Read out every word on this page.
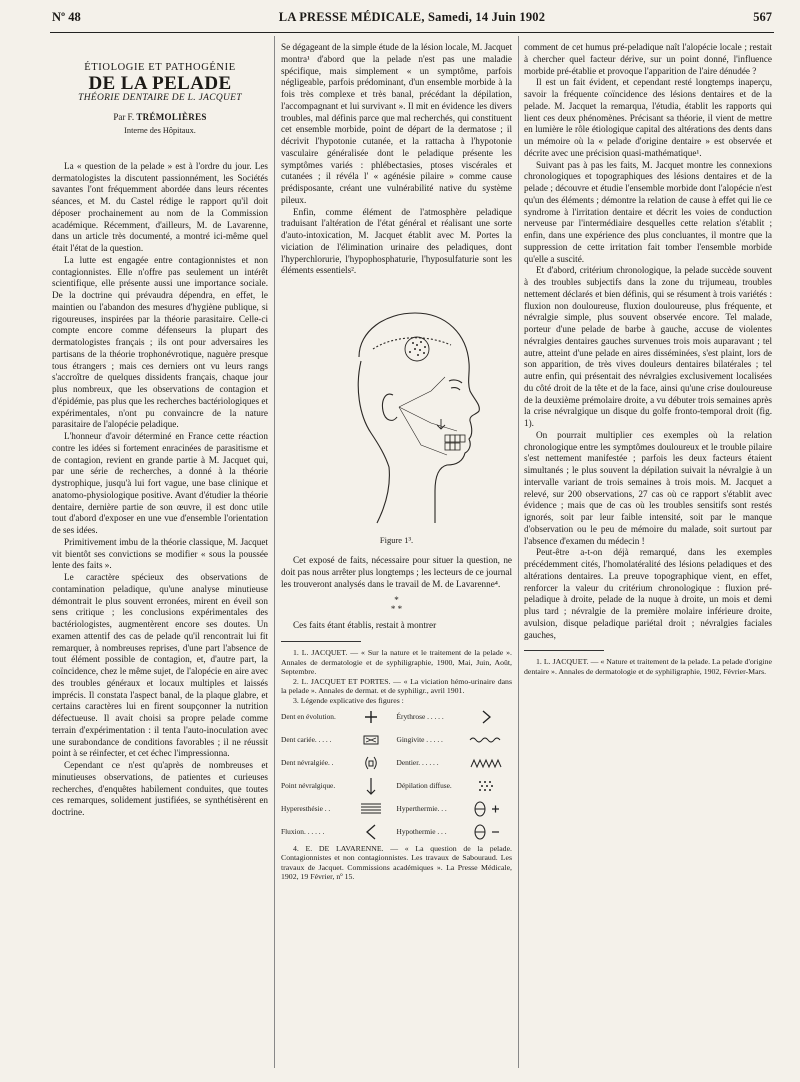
Nº 48	LA PRESSE MÉDICALE, Samedi, 14 Juin 1902	567
ÉTIOLOGIE ET PATHOGÉNIE
DE LA PELADE
THÉORIE DENTAIRE DE L. JACQUET
Par F. TRÉMOLIÈRES
Interne des Hôpitaux.

La « question de la pelade » est à l'ordre du jour. Les dermatologistes la discutent passionnément, les Sociétés savantes l'ont fréquemment abordée dans leurs récentes séances, et M. du Castel rédige le rapport qu'il doit déposer prochainement au nom de la Commission académique. Récemment, d'ailleurs, M. de Lavarenne, dans un article très documenté, a montré ici-même quel était l'état de la question.

La lutte est engagée entre contagionnistes et non contagionnistes. Elle n'offre pas seulement un intérêt scientifique, elle présente aussi une importance sociale. De la doctrine qui prévaudra dépendra, en effet, le maintien ou l'abandon des mesures d'hygiène publique, si rigoureuses, inspirées par la théorie parasitaire. Celle-ci compte encore comme défenseurs la plupart des dermatologistes français ; ils ont pour adversaires les partisans de la théorie trophonévrotique, naguère presque tous étrangers ; mais ces derniers ont vu leurs rangs s'accroître de quelques dissidents français, chaque jour plus nombreux, que les observations de contagion et d'épidémie, pas plus que les recherches bactériologiques et expérimentales, n'ont pu convaincre de la nature parasitaire de l'alopécie peladique.

L'honneur d'avoir déterminé en France cette réaction contre les idées si fortement enracinées de parasitisme et de contagion, revient en grande partie à M. Jacquet qui, par une série de recherches, a donné à la théorie dystrophique, jusqu'à lui fort vague, une base clinique et anatomo-physiologique positive. Avant d'étudier la théorie dentaire, dernière partie de son œuvre, il est donc utile tout d'abord d'exposer en une vue d'ensemble l'orientation de ses idées.

Primitivement imbu de la théorie classique, M. Jacquet vit bientôt ses convictions se modifier « sous la poussée lente des faits ».

Le caractère spécieux des observations de contamination peladique, qu'une analyse minutieuse démontrait le plus souvent erronées, mirent en éveil son sens critique ; les conclusions expérimentales des bactériologistes, augmentèrent encore ses doutes. Un examen attentif des cas de pelade qu'il rencontrait lui fit remarquer, à nombreuses reprises, d'une part l'absence de tout élément possible de contagion, et, d'autre part, la coïncidence, chez le même sujet, de l'alopécie en aire avec des troubles généraux et locaux multiples et laissés imprécis. Il constata l'aspect banal, de la plaque glabre, et certains caractères lui en firent soupçonner la nutrition défectueuse. Il avait choisi sa propre pelade comme terrain d'expérimentation : il tenta l'auto-inoculation avec une surabondance de conditions favorables ; il ne réussit point à se réinfecter, et cet échec l'impressionna.

Cependant ce n'est qu'après de nombreuses et minutieuses observations, de patientes et curieuses recherches, d'enquêtes habilement conduites, que toutes ces remarques, solidement justifiées, se synthétisèrent en doctrine.

Se dégageant de la simple étude de la lésion locale, M. Jacquet montra¹ d'abord que la pelade n'est pas une maladie spécifique, mais simplement « un symptôme, parfois négligeable, parfois prédominant, d'un ensemble morbide à la fois très complexe et très banal, précédant la dépilation, l'accompagnant et lui survivant ». Il mit en évidence les divers troubles, mal définis parce que mal recherchés, qui constituent cet ensemble morbide, point de départ de la dermatose ; il décrivit l'hypotonie cutanée, et la rattacha à l'hypotonie vasculaire généralisée dont le peladique présente les symptômes variés : phlébectasies, ptoses viscérales et cutanées ; il révéla l' « agénésie pilaire » comme cause prédisposante, créant une vulnérabilité native du système pileux.

Enfin, comme élément de l'atmosphère peladique traduisant l'altération de l'état général et réalisant une sorte d'auto-intoxication, M. Jacquet établit avec M. Portes la viciation de l'élimination urinaire des peladiques, dont l'hyperchlorurie, l'hypophosphaturie, l'hyposulfaturie sont les éléments essentiels².

Figure 1³.

Cet exposé de faits, nécessaire pour situer la question, ne doit pas nous arrêter plus longtemps ; les lecteurs de ce journal les trouveront analysés dans le travail de M. de Lavarenne⁴.

*
* *

Ces faits étant établis, restait à montrer

1. L. JACQUET. — « Sur la nature et le traitement de la pelade ». Annales de dermatologie et de syphiligraphie, 1900, Mai, Juin, Août, Septembre.

2. L. JACQUET ET PORTES. — « La viciation hémo-urinaire dans la pelade ». Annales de dermat. et de syphiligr., avril 1901.

3. Légende explicative des figures :

Dent en évolution.		Érythrose . . . . .	
Dent cariée. . . . .		Gingivite . . . . .	
Dent névralgiée. .		Dentier. . . . . .	
Point névralgique.		Dépilation diffuse.	
Hyperesthésie . .		Hyperthermie. . .	
Fluxion. . . . . .		Hypothermie . . .	

4. E. DE LAVARENNE. — « La question de la pelade. Contagionnistes et non contagionnistes. Les travaux de Sabouraud. Les travaux de Jacquet. Commissions académiques ». La Presse Médicale, 1902, 19 Février, nº 15.

comment de cet humus pré-peladique naît l'alopécie locale ; restait à chercher quel facteur dérive, sur un point donné, l'influence morbide pré-établie et provoque l'apparition de l'aire dénudée ?

Il est un fait évident, et cependant resté longtemps inaperçu, savoir la fréquente coïncidence des lésions dentaires et de la pelade. M. Jacquet la remarqua, l'étudia, établit les rapports qui lient ces deux phénomènes. Précisant sa théorie, il vient de mettre en lumière le rôle étiologique capital des altérations des dents dans un mémoire où la « pelade d'origine dentaire » est observée et décrite avec une précision quasi-mathématique¹.

Suivant pas à pas les faits, M. Jacquet montre les connexions chronologiques et topographiques des lésions dentaires et de la pelade ; découvre et étudie l'ensemble morbide dont l'alopécie n'est qu'un des éléments ; démontre la relation de cause à effet qui lie ce syndrome à l'irritation dentaire et décrit les voies de conduction nerveuse par l'intermédiaire desquelles cette relation s'établit ; enfin, dans une expérience des plus concluantes, il montre que la suppression de cette irritation fait tomber l'ensemble morbide qu'elle a suscité.

Et d'abord, critérium chronologique, la pelade succède souvent à des troubles subjectifs dans la zone du trijumeau, troubles nettement déclarés et bien définis, qui se résument à trois variétés : fluxion non douloureuse, fluxion douloureuse, plus fréquente, et névralgie simple, plus souvent observée encore. Tel malade, porteur d'une pelade de barbe à gauche, accuse de violentes névralgies dentaires gauches survenues trois mois auparavant ; tel autre, atteint d'une pelade en aires disséminées, s'est plaint, lors de son apparition, de très vives douleurs dentaires bilatérales ; tel autre enfin, qui présentait des névralgies exclusivement localisées du côté droit de la tête et de la face, ainsi qu'une crise douloureuse de la deuxième prémolaire droite, a vu débuter trois semaines après la crise névralgique un disque du golfe fronto-temporal droit (fig. 1).

On pourrait multiplier ces exemples où la relation chronologique entre les symptômes douloureux et le trouble pilaire s'est nettement manifestée ; parfois les deux facteurs étaient simultanés ; le plus souvent la dépilation suivait la névralgie à un intervalle variant de trois semaines à trois mois. M. Jacquet a relevé, sur 200 observations, 27 cas où ce rapport s'établit avec évidence ; mais que de cas où les troubles sensitifs sont restés ignorés, soit par leur faible intensité, soit par le manque d'observation ou le peu de mémoire du malade, soit surtout par l'absence d'examen du médecin !

Peut-être a-t-on déjà remarqué, dans les exemples précédemment cités, l'homolatéralité des lésions peladiques et des altérations dentaires. La preuve topographique vient, en effet, renforcer la valeur du critérium chronologique : fluxion pré-peladique à droite, pelade de la nuque à droite, un mois et demi plus tard ; névralgie de la première molaire inférieure droite, avulsion, disque peladique pariétal droit ; névralgies faciales gauches,

1. L. JACQUET. — « Nature et traitement de la pelade. La pelade d'origine dentaire ». Annales de dermatologie et de syphiligraphie, 1902, Février-Mars.
